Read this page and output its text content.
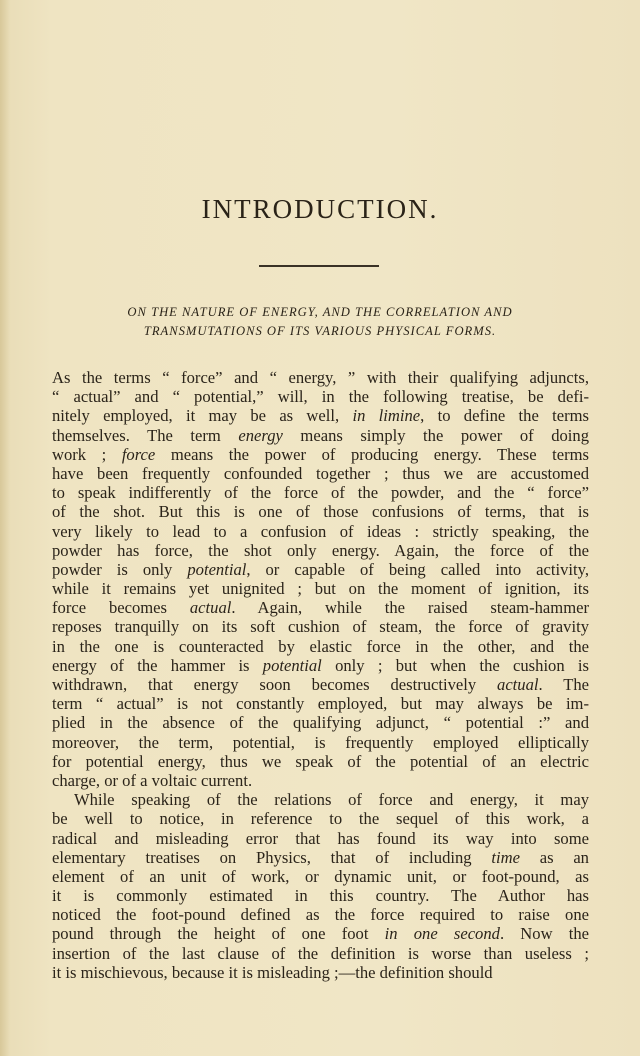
INTRODUCTION.
ON THE NATURE OF ENERGY, AND THE CORRELATION AND
TRANSMUTATIONS OF ITS VARIOUS PHYSICAL FORMS.
As the terms “ force” and “ energy, ” with their qualifying adjuncts,
“ actual” and “ potential,” will, in the following treatise, be defi-
nitely employed, it may be as well, in limine, to define the terms
themselves. The term energy means simply the power of doing
work ; force means the power of producing energy. These terms
have been frequently confounded together ; thus we are accustomed
to speak indifferently of the force of the powder, and the “ force”
of the shot. But this is one of those confusions of terms, that is
very likely to lead to a confusion of ideas : strictly speaking, the
powder has force, the shot only energy. Again, the force of the
powder is only potential, or capable of being called into activity,
while it remains yet unignited ; but on the moment of ignition, its
force becomes actual. Again, while the raised steam-hammer
reposes tranquilly on its soft cushion of steam, the force of gravity
in the one is counteracted by elastic force in the other, and the
energy of the hammer is potential only ; but when the cushion is
withdrawn, that energy soon becomes destructively actual. The
term “ actual” is not constantly employed, but may always be im-
plied in the absence of the qualifying adjunct, “ potential :” and
moreover, the term, potential, is frequently employed elliptically
for potential energy, thus we speak of the potential of an electric
charge, or of a voltaic current.
While speaking of the relations of force and energy, it may
be well to notice, in reference to the sequel of this work, a
radical and misleading error that has found its way into some
elementary treatises on Physics, that of including time as an
element of an unit of work, or dynamic unit, or foot-pound, as
it is commonly estimated in this country. The Author has
noticed the foot-pound defined as the force required to raise one
pound through the height of one foot in one second. Now the
insertion of the last clause of the definition is worse than useless ;
it is mischievous, because it is misleading ;—the definition should
